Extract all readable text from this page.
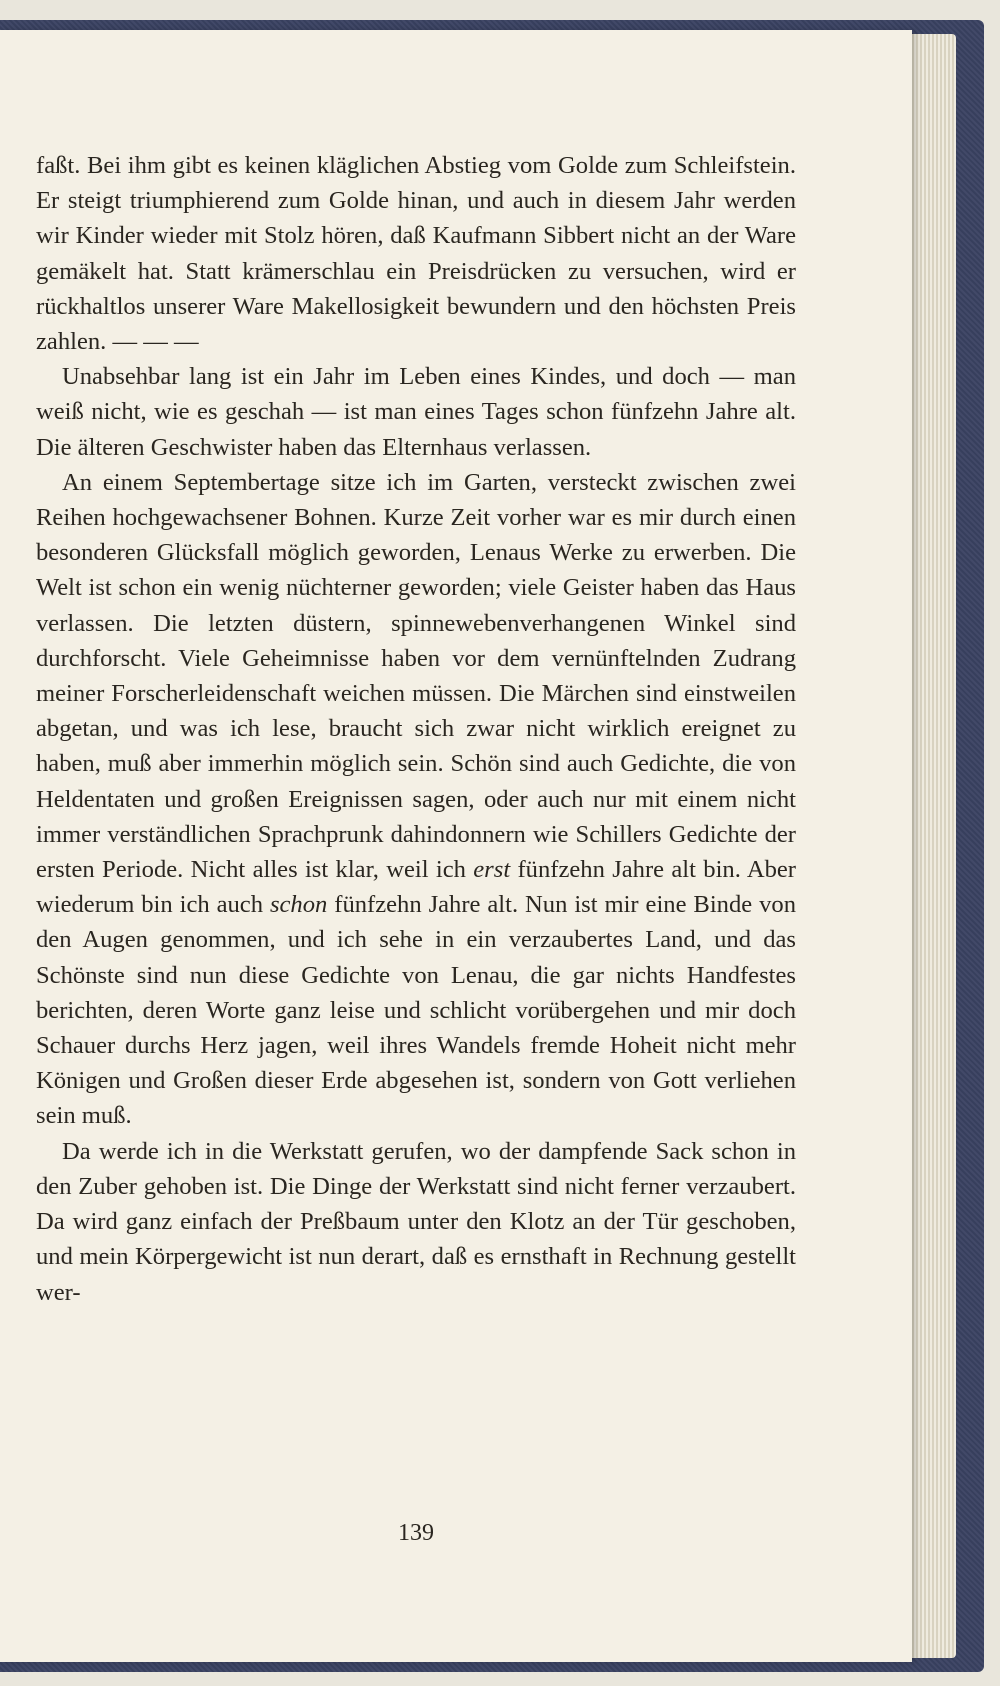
faßt. Bei ihm gibt es keinen kläglichen Abstieg vom Golde zum Schleifstein. Er steigt triumphierend zum Golde hinan, und auch in diesem Jahr werden wir Kinder wieder mit Stolz hören, daß Kaufmann Sibbert nicht an der Ware gemäkelt hat. Statt krämerschlau ein Preisdrücken zu versuchen, wird er rückhaltlos unserer Ware Makellosigkeit bewundern und den höchsten Preis zahlen. — — —

Unabsehbar lang ist ein Jahr im Leben eines Kindes, und doch — man weiß nicht, wie es geschah — ist man eines Tages schon fünfzehn Jahre alt. Die älteren Geschwister haben das Elternhaus verlassen.

An einem Septembertage sitze ich im Garten, versteckt zwischen zwei Reihen hochgewachsener Bohnen. Kurze Zeit vorher war es mir durch einen besonderen Glücksfall möglich geworden, Lenaus Werke zu erwerben. Die Welt ist schon ein wenig nüchterner geworden; viele Geister haben das Haus verlassen. Die letzten düstern, spinnewebenverhangenen Winkel sind durchforscht. Viele Geheimnisse haben vor dem vernünftelnden Zudrang meiner Forscherleidenschaft weichen müssen. Die Märchen sind einstweilen abgetan, und was ich lese, braucht sich zwar nicht wirklich ereignet zu haben, muß aber immerhin möglich sein. Schön sind auch Gedichte, die von Heldentaten und großen Ereignissen sagen, oder auch nur mit einem nicht immer verständlichen Sprachprunk dahindonnern wie Schillers Gedichte der ersten Periode. Nicht alles ist klar, weil ich erst fünfzehn Jahre alt bin. Aber wiederum bin ich auch schon fünfzehn Jahre alt. Nun ist mir eine Binde von den Augen genommen, und ich sehe in ein verzaubertes Land, und das Schönste sind nun diese Gedichte von Lenau, die gar nichts Handfestes berichten, deren Worte ganz leise und schlicht vorübergehen und mir doch Schauer durchs Herz jagen, weil ihres Wandels fremde Hoheit nicht mehr Königen und Großen dieser Erde abgesehen ist, sondern von Gott verliehen sein muß.

Da werde ich in die Werkstatt gerufen, wo der dampfende Sack schon in den Zuber gehoben ist. Die Dinge der Werkstatt sind nicht ferner verzaubert. Da wird ganz einfach der Preßbaum unter den Klotz an der Tür geschoben, und mein Körpergewicht ist nun derart, daß es ernsthaft in Rechnung gestellt wer-

139
